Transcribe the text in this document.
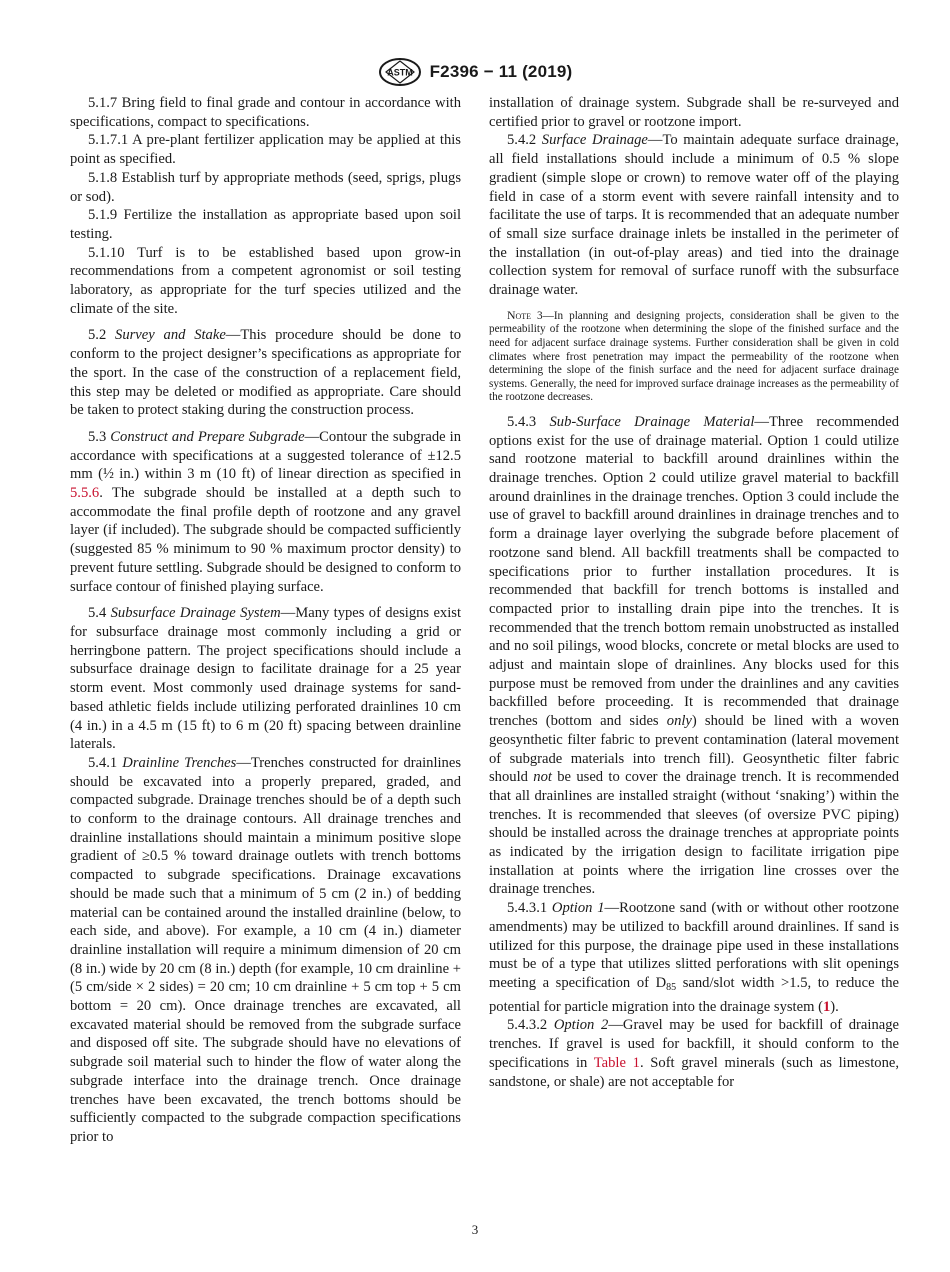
ASTM F2396 − 11 (2019)

5.1.7 Bring field to final grade and contour in accordance with specifications, compact to specifications.

5.1.7.1 A pre-plant fertilizer application may be applied at this point as specified.

5.1.8 Establish turf by appropriate methods (seed, sprigs, plugs or sod).

5.1.9 Fertilize the installation as appropriate based upon soil testing.

5.1.10 Turf is to be established based upon grow-in recommendations from a competent agronomist or soil testing laboratory, as appropriate for the turf species utilized and the climate of the site.

5.2 Survey and Stake—This procedure should be done to conform to the project designer’s specifications as appropriate for the sport. In the case of the construction of a replacement field, this step may be deleted or modified as appropriate. Care should be taken to protect staking during the construction process.

5.3 Construct and Prepare Subgrade—Contour the subgrade in accordance with specifications at a suggested tolerance of ±12.5 mm (½ in.) within 3 m (10 ft) of linear direction as specified in 5.5.6. The subgrade should be installed at a depth such to accommodate the final profile depth of rootzone and any gravel layer (if included). The subgrade should be compacted sufficiently (suggested 85 % minimum to 90 % maximum proctor density) to prevent future settling. Subgrade should be designed to conform to surface contour of finished playing surface.

5.4 Subsurface Drainage System—Many types of designs exist for subsurface drainage most commonly including a grid or herringbone pattern. The project specifications should include a subsurface drainage design to facilitate drainage for a 25 year storm event. Most commonly used drainage systems for sand-based athletic fields include utilizing perforated drainlines 10 cm (4 in.) in a 4.5 m (15 ft) to 6 m (20 ft) spacing between drainline laterals.

5.4.1 Drainline Trenches—Trenches constructed for drainlines should be excavated into a properly prepared, graded, and compacted subgrade. Drainage trenches should be of a depth such to conform to the drainage contours. All drainage trenches and drainline installations should maintain a minimum positive slope gradient of ≥0.5 % toward drainage outlets with trench bottoms compacted to subgrade specifications. Drainage excavations should be made such that a minimum of 5 cm (2 in.) of bedding material can be contained around the installed drainline (below, to each side, and above). For example, a 10 cm (4 in.) diameter drainline installation will require a minimum dimension of 20 cm (8 in.) wide by 20 cm (8 in.) depth (for example, 10 cm drainline + (5 cm/side × 2 sides) = 20 cm; 10 cm drainline + 5 cm top + 5 cm bottom = 20 cm). Once drainage trenches are excavated, all excavated material should be removed from the subgrade surface and disposed off site. The subgrade should have no elevations of subgrade soil material such to hinder the flow of water along the subgrade interface into the drainage trench. Once drainage trenches have been excavated, the trench bottoms should be sufficiently compacted to the subgrade compaction specifications prior to

installation of drainage system. Subgrade shall be re-surveyed and certified prior to gravel or rootzone import.

5.4.2 Surface Drainage—To maintain adequate surface drainage, all field installations should include a minimum of 0.5 % slope gradient (simple slope or crown) to remove water off of the playing field in case of a storm event with severe rainfall intensity and to facilitate the use of tarps. It is recommended that an adequate number of small size surface drainage inlets be installed in the perimeter of the installation (in out-of-play areas) and tied into the drainage collection system for removal of surface runoff with the subsurface drainage water.

Note 3—In planning and designing projects, consideration shall be given to the permeability of the rootzone when determining the slope of the finished surface and the need for adjacent surface drainage systems. Further consideration shall be given in cold climates where frost penetration may impact the permeability of the rootzone when determining the slope of the finish surface and the need for adjacent surface drainage systems. Generally, the need for improved surface drainage increases as the permeability of the rootzone decreases.

5.4.3 Sub-Surface Drainage Material—Three recommended options exist for the use of drainage material. Option 1 could utilize sand rootzone material to backfill around drainlines within the drainage trenches. Option 2 could utilize gravel material to backfill around drainlines in the drainage trenches. Option 3 could include the use of gravel to backfill around drainlines in drainage trenches and to form a drainage layer overlying the subgrade before placement of rootzone sand blend. All backfill treatments shall be compacted to specifications prior to further installation procedures. It is recommended that backfill for trench bottoms is installed and compacted prior to installing drain pipe into the trenches. It is recommended that the trench bottom remain unobstructed as installed and no soil pilings, wood blocks, concrete or metal blocks are used to adjust and maintain slope of drainlines. Any blocks used for this purpose must be removed from under the drainlines and any cavities backfilled before proceeding. It is recommended that drainage trenches (bottom and sides only) should be lined with a woven geosynthetic filter fabric to prevent contamination (lateral movement of subgrade materials into trench fill). Geosynthetic filter fabric should not be used to cover the drainage trench. It is recommended that all drainlines are installed straight (without ‘snaking’) within the trenches. It is recommended that sleeves (of oversize PVC piping) should be installed across the drainage trenches at appropriate points as indicated by the irrigation design to facilitate irrigation pipe installation at points where the irrigation line crosses over the drainage trenches.

5.4.3.1 Option 1—Rootzone sand (with or without other rootzone amendments) may be utilized to backfill around drainlines. If sand is utilized for this purpose, the drainage pipe used in these installations must be of a type that utilizes slitted perforations with slit openings meeting a specification of $D_{85}$ sand/slot width >1.5, to reduce the potential for particle migration into the drainage system (1).

5.4.3.2 Option 2—Gravel may be used for backfill of drainage trenches. If gravel is used for backfill, it should conform to the specifications in Table 1. Soft gravel minerals (such as limestone, sandstone, or shale) are not acceptable for

3
